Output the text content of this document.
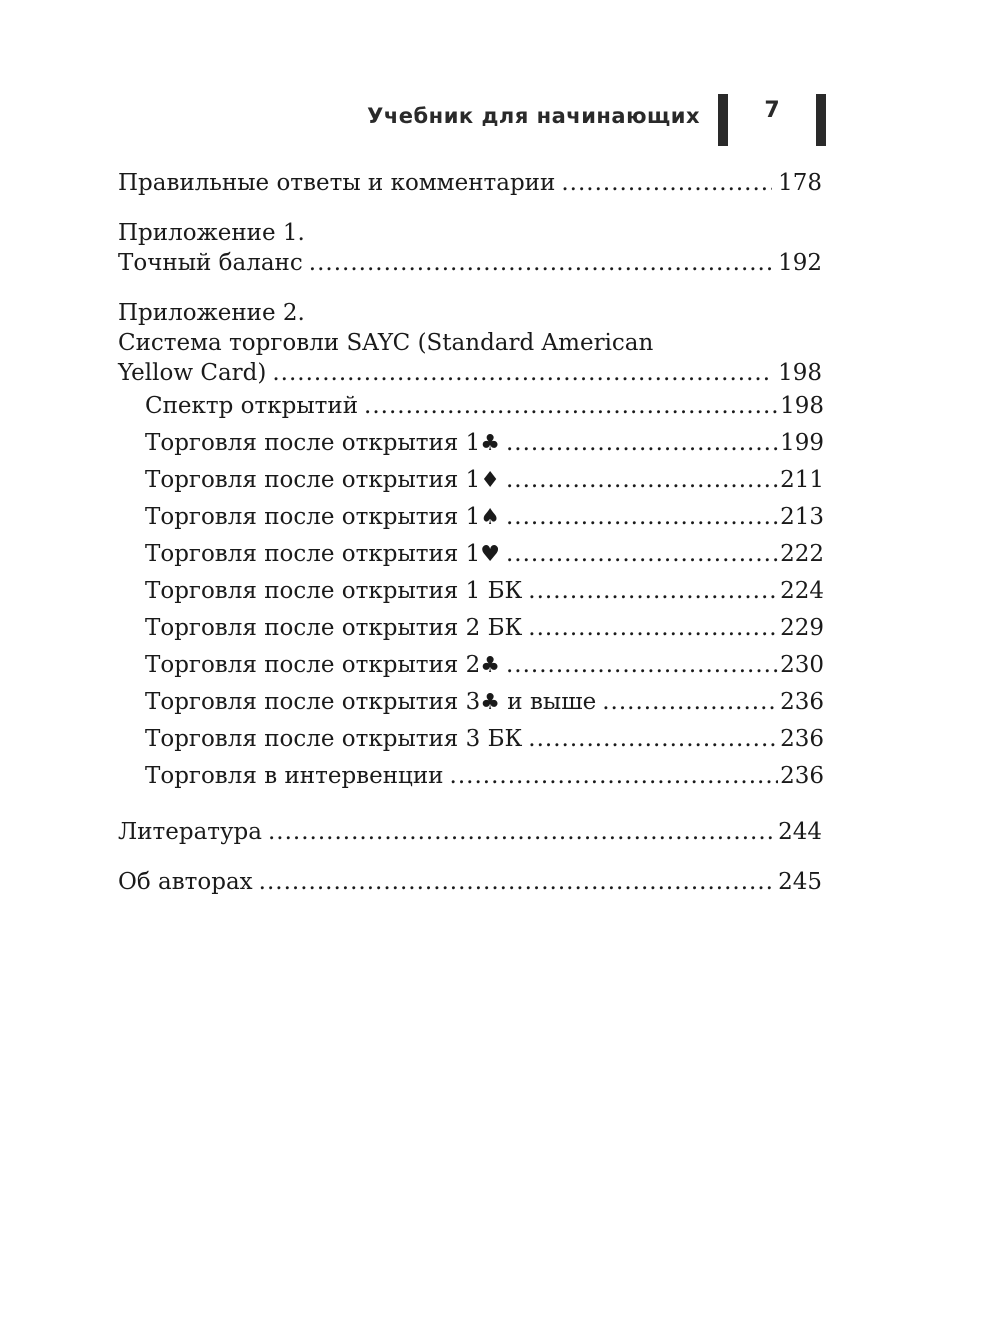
Учебник для начинающих	7
Правильные ответы и комментарии .....	178
Приложение 1.
Точный баланс .....	192
Приложение 2.
Система торговли SAYC (Standard American
Yellow Card) .....	198
Спектр открытий .....	198
Торговля после открытия 1♣ .....	199
Торговля после открытия 1♦ .....	211
Торговля после открытия 1♠ .....	213
Торговля после открытия 1♥ .....	222
Торговля после открытия 1 БК .....	224
Торговля после открытия 2 БК .....	229
Торговля после открытия 2♣ .....	230
Торговля после открытия 3♣ и выше .....	236
Торговля после открытия 3 БК .....	236
Торговля в интервенции .....	236
Литература .....	244
Об авторах .....	245
